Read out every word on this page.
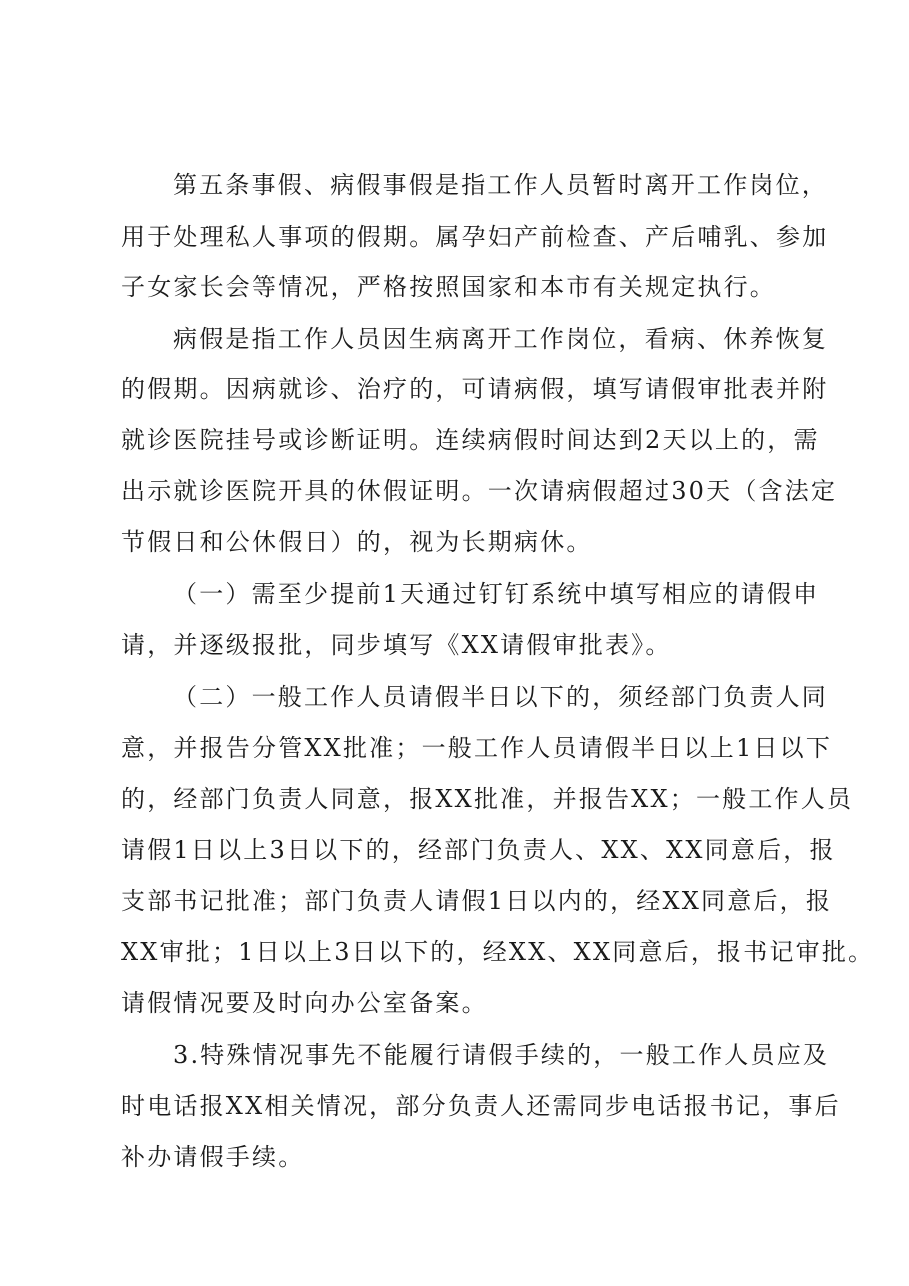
第五条事假、病假事假是指工作人员暂时离开工作岗位，
用于处理私人事项的假期。属孕妇产前检查、产后哺乳、参加
子女家长会等情况，严格按照国家和本市有关规定执行。
病假是指工作人员因生病离开工作岗位，看病、休养恢复
的假期。因病就诊、治疗的，可请病假，填写请假审批表并附
就诊医院挂号或诊断证明。连续病假时间达到2天以上的，需
出示就诊医院开具的休假证明。一次请病假超过30天（含法定
节假日和公休假日）的，视为长期病休。
（一）需至少提前1天通过钉钉系统中填写相应的请假申
请，并逐级报批，同步填写《XX请假审批表》。
（二）一般工作人员请假半日以下的，须经部门负责人同
意，并报告分管XX批准；一般工作人员请假半日以上1日以下
的，经部门负责人同意，报XX批准，并报告XX；一般工作人员
请假1日以上3日以下的，经部门负责人、XX、XX同意后，报
支部书记批准；部门负责人请假1日以内的，经XX同意后，报
XX审批；1日以上3日以下的，经XX、XX同意后，报书记审批。
请假情况要及时向办公室备案。
3.特殊情况事先不能履行请假手续的，一般工作人员应及
时电话报XX相关情况，部分负责人还需同步电话报书记，事后
补办请假手续。
